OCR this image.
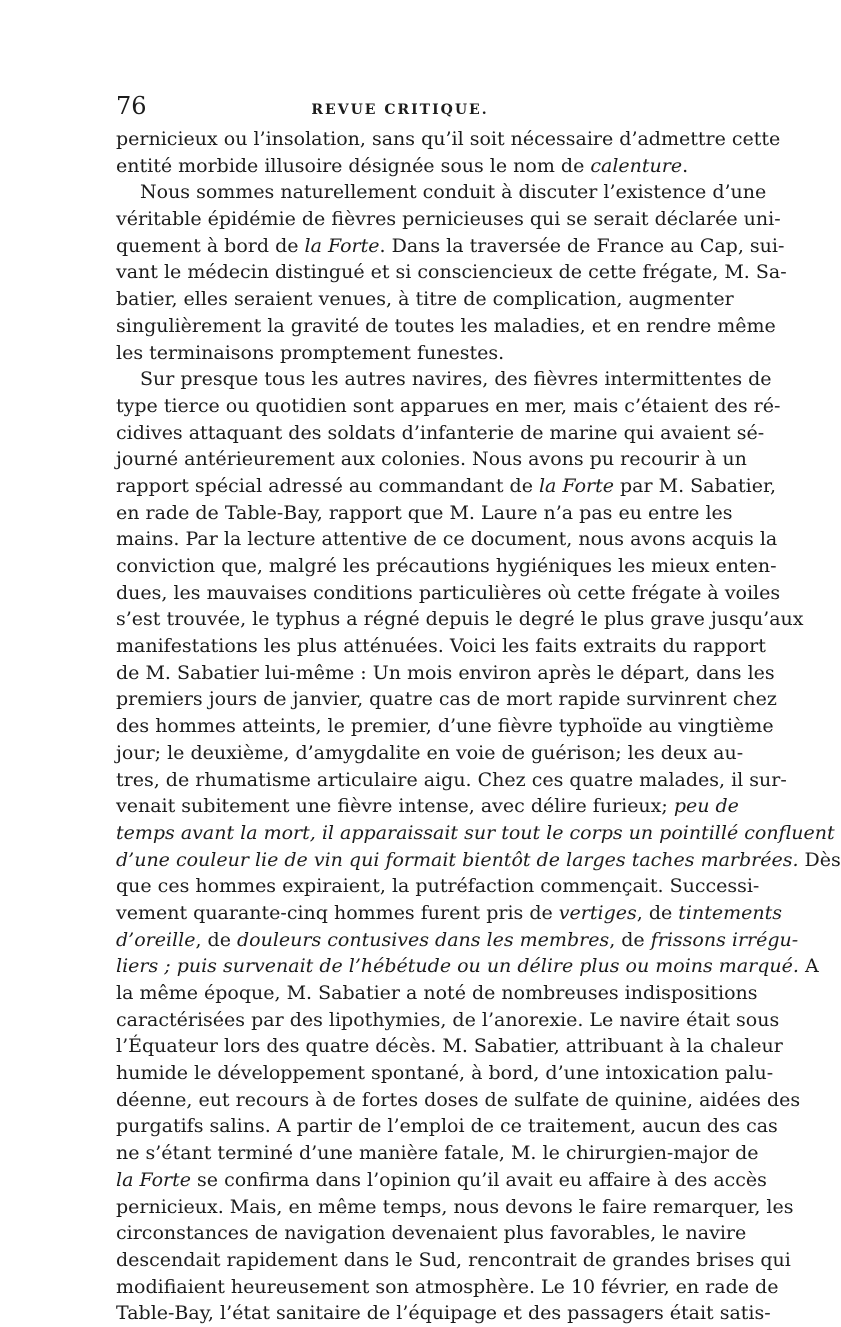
76	REVUE CRITIQUE.
pernicieux ou l’insolation, sans qu’il soit nécessaire d’admettre cette
entité morbide illusoire désignée sous le nom de calenture.
Nous sommes naturellement conduit à discuter l’existence d’une
véritable épidémie de fièvres pernicieuses qui se serait déclarée uni-
quement à bord de la Forte. Dans la traversée de France au Cap, sui-
vant le médecin distingué et si consciencieux de cette frégate, M. Sa-
batier, elles seraient venues, à titre de complication, augmenter
singulièrement la gravité de toutes les maladies, et en rendre même
les terminaisons promptement funestes.
Sur presque tous les autres navires, des fièvres intermittentes de
type tierce ou quotidien sont apparues en mer, mais c’étaient des ré-
cidives attaquant des soldats d’infanterie de marine qui avaient sé-
journé antérieurement aux colonies. Nous avons pu recourir à un
rapport spécial adressé au commandant de la Forte par M. Sabatier,
en rade de Table-Bay, rapport que M. Laure n’a pas eu entre les
mains. Par la lecture attentive de ce document, nous avons acquis la
conviction que, malgré les précautions hygiéniques les mieux enten-
dues, les mauvaises conditions particulières où cette frégate à voiles
s’est trouvée, le typhus a régné depuis le degré le plus grave jusqu’aux
manifestations les plus atténuées. Voici les faits extraits du rapport
de M. Sabatier lui-même : Un mois environ après le départ, dans les
premiers jours de janvier, quatre cas de mort rapide survinrent chez
des hommes atteints, le premier, d’une fièvre typhoïde au vingtième
jour; le deuxième, d’amygdalite en voie de guérison; les deux au-
tres, de rhumatisme articulaire aigu. Chez ces quatre malades, il sur-
venait subitement une fièvre intense, avec délire furieux; peu de
temps avant la mort, il apparaissait sur tout le corps un pointillé confluent
d’une couleur lie de vin qui formait bientôt de larges taches marbrées. Dès
que ces hommes expiraient, la putréfaction commençait. Successi-
vement quarante-cinq hommes furent pris de vertiges, de tintements
d’oreille, de douleurs contusives dans les membres, de frissons irrégu-
liers ; puis survenait de l’hébétude ou un délire plus ou moins marqué. A
la même époque, M. Sabatier a noté de nombreuses indispositions
caractérisées par des lipothymies, de l’anorexie. Le navire était sous
l’Équateur lors des quatre décès. M. Sabatier, attribuant à la chaleur
humide le développement spontané, à bord, d’une intoxication palu-
déenne, eut recours à de fortes doses de sulfate de quinine, aidées des
purgatifs salins. A partir de l’emploi de ce traitement, aucun des cas
ne s’étant terminé d’une manière fatale, M. le chirurgien-major de
la Forte se confirma dans l’opinion qu’il avait eu affaire à des accès
pernicieux. Mais, en même temps, nous devons le faire remarquer, les
circonstances de navigation devenaient plus favorables, le navire
descendait rapidement dans le Sud, rencontrait de grandes brises qui
modifiaient heureusement son atmosphère. Le 10 février, en rade de
Table-Bay, l’état sanitaire de l’équipage et des passagers était satis-
